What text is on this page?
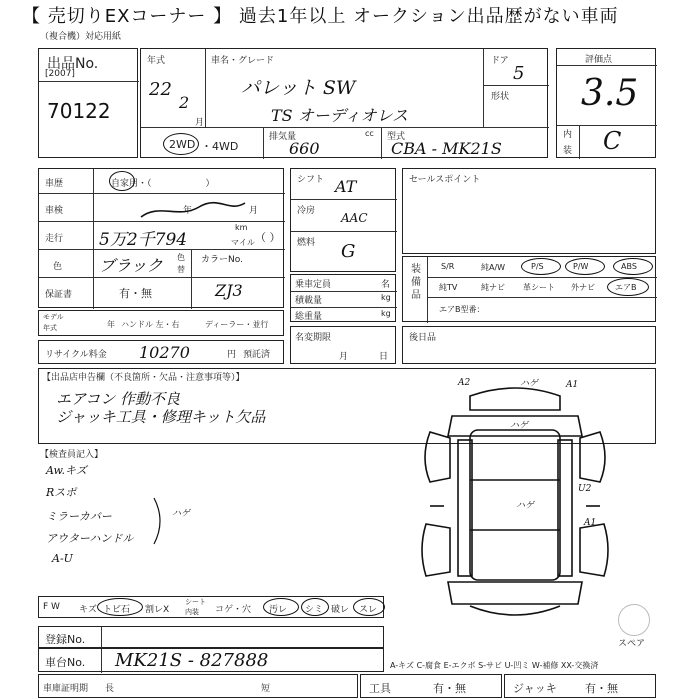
【 売切りEXコーナー 】 過去1年以上 オークション出品歴がない車両
（複合機）対応用紙
出品No.
[2007]
70122
年式
22
2
月
車名・グレード
パレット SW
TS オーディオレス
ドア
5
形状
2WD ・4WD
排気量	cc
660
型式
CBA - MK21S
評価点
3.5
内
装 C
車歴	自家用・（　　　　　　）
車検	年	月
走行 5万2千794
km
マイル （ ）
色 ブラック 色
替
カラーNo.
ZJ3
保証書	有・無
モデル
年式	年 ハンドル 左・右	ディーラー・並行
リサイクル料金 10270	円 預託済
シフト AT
冷房 AAC
燃料 G
乗車定員	名
積載量	kg
総重量	kg
名変期限
月	日
セールスポイント
装備品
S/R	純A/W	P/S	P/W	ABS
純TV	純ナビ 革シート 外ナビ	エアB
エアB型番：
後日品
【出品店申告欄（不良箇所・欠品・注意事項等）】
エアコン 作動不良
ジャッキ工具・修理キット欠品
【検査員記入】
Aw.キズ
Rスポ
ミラーカバー
アウターハンドル
A-U
ハゲ
A2	ハゲ	A1
ハゲ
ハゲ
U2
A1
スペア
F W キズ トビ石 割レX
シート
内装 コゲ・穴 汚レ シミ 破レ スレ
登録No.
車台No. MK21S - 827888	A-キズ C-腐食 E-エクボ S-サビ U-凹ミ W-補修 XX-交換済
車庫証明期 長	短	工具	有・無	ジャッキ	有・無
